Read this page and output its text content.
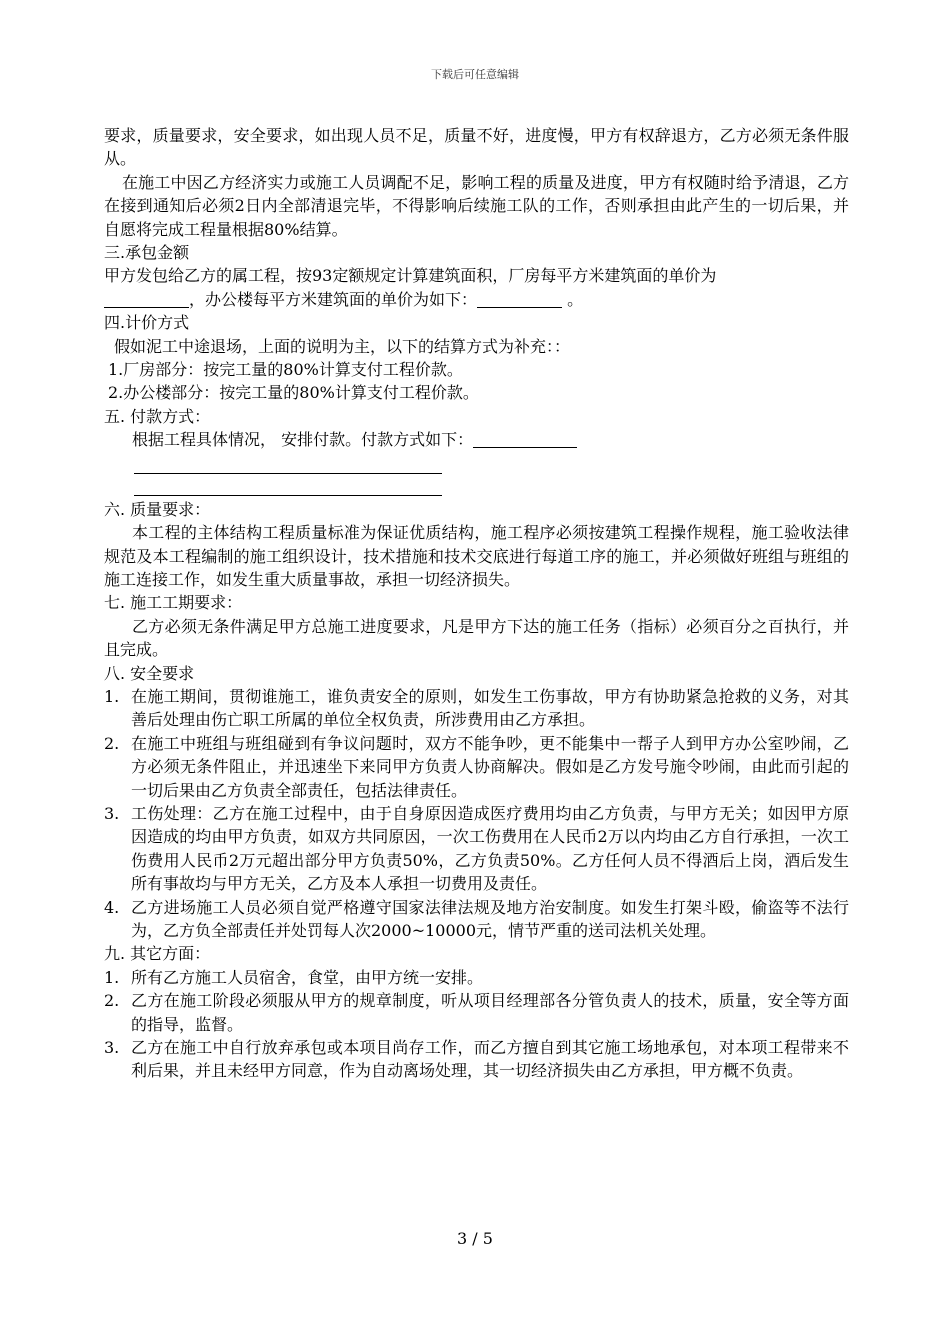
下载后可任意编辑

要求，质量要求，安全要求，如出现人员不足，质量不好，进度慢，甲方有权辞退方，乙方必须无条件服从。

在施工中因乙方经济实力或施工人员调配不足，影响工程的质量及进度，甲方有权随时给予清退，乙方在接到通知后必须2日内全部清退完毕，不得影响后续施工队的工作，否则承担由此产生的一切后果，并自愿将完成工程量根据80%结算。

三.承包金额

甲方发包给乙方的属工程，按93定额规定计算建筑面积，厂房每平方米建筑面的单价为

，办公楼每平方米建筑面的单价为如下：	。

四.计价方式

假如泥工中途退场，上面的说明为主，以下的结算方式为补充：：

1.厂房部分：按完工量的80%计算支付工程价款。

2.办公楼部分：按完工量的80%计算支付工程价款。

五. 付款方式：

根据工程具体情况， 安排付款。付款方式如下：

六. 质量要求：

本工程的主体结构工程质量标准为保证优质结构，施工程序必须按建筑工程操作规程，施工验收法律规范及本工程编制的施工组织设计，技术措施和技术交底进行每道工序的施工，并必须做好班组与班组的施工连接工作，如发生重大质量事故，承担一切经济损失。

七. 施工工期要求：

乙方必须无条件满足甲方总施工进度要求，凡是甲方下达的施工任务（指标）必须百分之百执行，并且完成。

八. 安全要求

1. 在施工期间，贯彻谁施工，谁负责安全的原则，如发生工伤事故，甲方有协助紧急抢救的义务，对其善后处理由伤亡职工所属的单位全权负责，所涉费用由乙方承担。
2. 在施工中班组与班组碰到有争议问题时，双方不能争吵，更不能集中一帮子人到甲方办公室吵闹，乙方必须无条件阻止，并迅速坐下来同甲方负责人协商解决。假如是乙方发号施令吵闹，由此而引起的一切后果由乙方负责全部责任，包括法律责任。
3. 工伤处理：乙方在施工过程中，由于自身原因造成医疗费用均由乙方负责，与甲方无关；如因甲方原因造成的均由甲方负责，如双方共同原因，一次工伤费用在人民币2万以内均由乙方自行承担，一次工伤费用人民币2万元超出部分甲方负责50%，乙方负责50%。乙方任何人员不得酒后上岗，酒后发生所有事故均与甲方无关，乙方及本人承担一切费用及责任。
4. 乙方进场施工人员必须自觉严格遵守国家法律法规及地方治安制度。如发生打架斗殴，偷盗等不法行为，乙方负全部责任并处罚每人次2000~10000元，情节严重的送司法机关处理。

九. 其它方面：

1. 所有乙方施工人员宿舍，食堂，由甲方统一安排。
2. 乙方在施工阶段必须服从甲方的规章制度，听从项目经理部各分管负责人的技术，质量，安全等方面的指导，监督。
3. 乙方在施工中自行放弃承包或本项目尚存工作，而乙方擅自到其它施工场地承包，对本项工程带来不利后果，并且未经甲方同意，作为自动离场处理，其一切经济损失由乙方承担，甲方概不负责。
3 / 5
